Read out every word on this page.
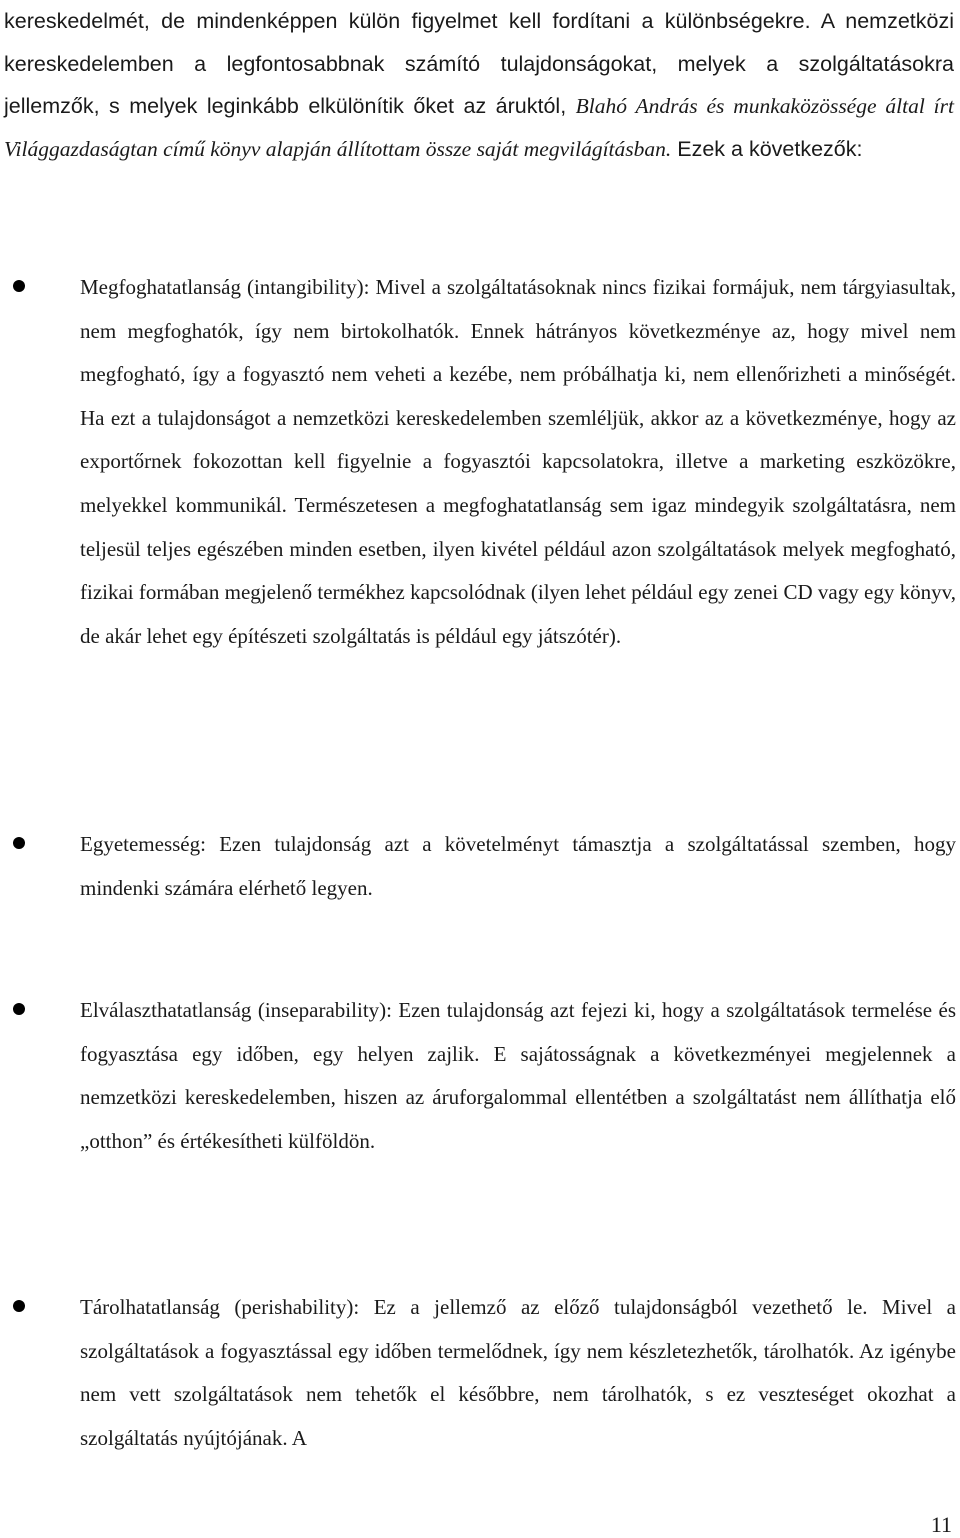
kereskedelmét, de mindenképpen külön figyelmet kell fordítani a különbségekre. A nemzetközi kereskedelemben a legfontosabbnak számító tulajdonságokat, melyek a szolgáltatásokra jellemzők, s melyek leginkább elkülönítik őket az áruktól, Blahó András és munkaközössége által írt Világgazdaságtan című könyv alapján állítottam össze saját megvilágításban. Ezek a következők:

Megfoghatatlanság (intangibility): Mivel a szolgáltatásoknak nincs fizikai formájuk, nem tárgyiasultak, nem megfoghatók, így nem birtokolhatók. Ennek hátrányos következménye az, hogy mivel nem megfogható, így a fogyasztó nem veheti a kezébe, nem próbálhatja ki, nem ellenőrizheti a minőségét. Ha ezt a tulajdonságot a nemzetközi kereskedelemben szemléljük, akkor az a következménye, hogy az exportőrnek fokozottan kell figyelnie a fogyasztói kapcsolatokra, illetve a marketing eszközökre, melyekkel kommunikál. Természetesen a megfoghatatlanság sem igaz mindegyik szolgáltatásra, nem teljesül teljes egészében minden esetben, ilyen kivétel például azon szolgáltatások melyek megfogható, fizikai formában megjelenő termékhez kapcsolódnak (ilyen lehet például egy zenei CD vagy egy könyv, de akár lehet egy építészeti szolgáltatás is például egy játszótér).

Egyetemesség: Ezen tulajdonság azt a követelményt támasztja a szolgáltatással szemben, hogy mindenki számára elérhető legyen.

Elválaszthatatlanság (inseparability): Ezen tulajdonság azt fejezi ki, hogy a szolgáltatások termelése és fogyasztása egy időben, egy helyen zajlik. E sajátosságnak a következményei megjelennek a nemzetközi kereskedelemben, hiszen az áruforgalommal ellentétben a szolgáltatást nem állíthatja elő „otthon” és értékesítheti külföldön.

Tárolhatatlanság (perishability): Ez a jellemző az előző tulajdonságból vezethető le. Mivel a szolgáltatások a fogyasztással egy időben termelődnek, így nem készletezhetők, tárolhatók. Az igénybe nem vett szolgáltatások nem tehetők el későbbre, nem tárolhatók, s ez veszteséget okozhat a szolgáltatás nyújtójának. A

11
